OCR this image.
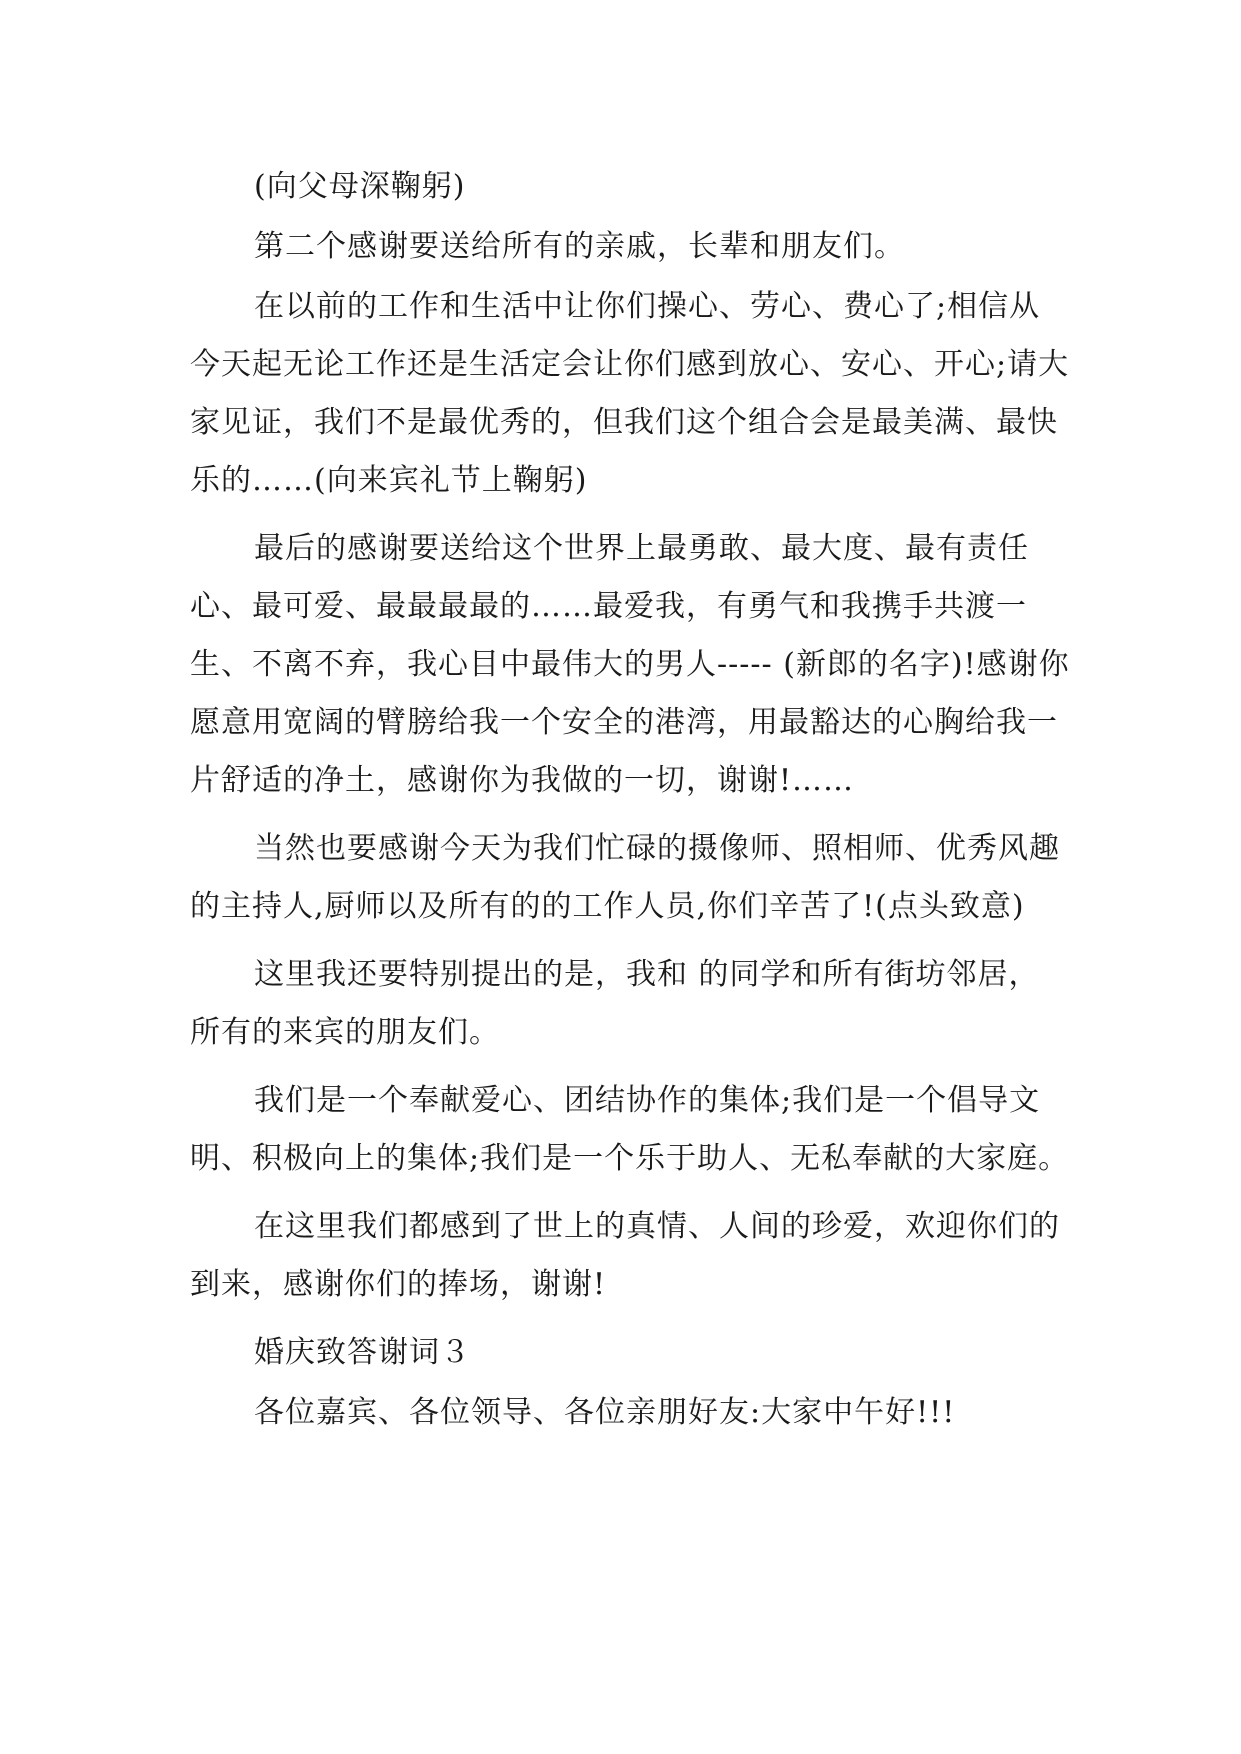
(向父母深鞠躬)

第二个感谢要送给所有的亲戚，长辈和朋友们。

在以前的工作和生活中让你们操心、劳心、费心了;相信从今天起无论工作还是生活定会让你们感到放心、安心、开心;请大家见证，我们不是最优秀的，但我们这个组合会是最美满、最快乐的……(向来宾礼节上鞠躬)

最后的感谢要送给这个世界上最勇敢、最大度、最有责任心、最可爱、最最最最的……最爱我，有勇气和我携手共渡一生、不离不弃，我心目中最伟大的男人----- (新郎的名字)!感谢你愿意用宽阔的臂膀给我一个安全的港湾，用最豁达的心胸给我一片舒适的净土，感谢你为我做的一切，谢谢!……

当然也要感谢今天为我们忙碌的摄像师、照相师、优秀风趣的主持人,厨师以及所有的的工作人员,你们辛苦了!(点头致意)

这里我还要特别提出的是，我和 的同学和所有街坊邻居，所有的来宾的朋友们。

我们是一个奉献爱心、团结协作的集体;我们是一个倡导文明、积极向上的集体;我们是一个乐于助人、无私奉献的大家庭。

在这里我们都感到了世上的真情、人间的珍爱，欢迎你们的到来，感谢你们的捧场，谢谢!

婚庆致答谢词３

各位嘉宾、各位领导、各位亲朋好友:大家中午好!!!
